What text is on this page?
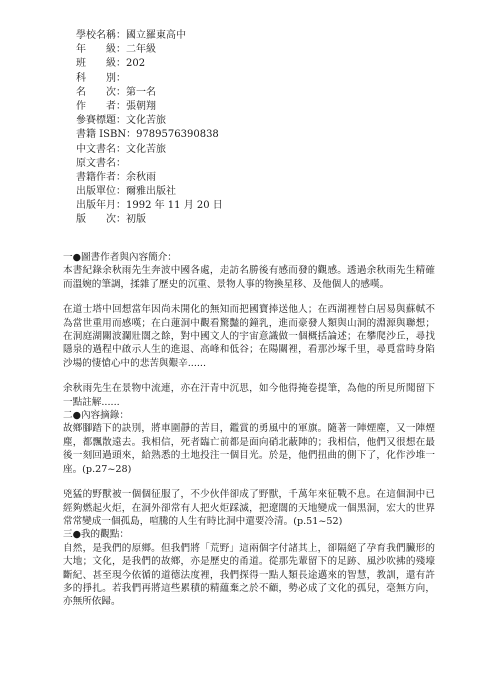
學校名稱： 國立羅東高中
年　　級： 二年級
班　　級： 202
科　　別：
名　　次： 第一名
作　　者： 張朝翔
參賽標題： 文化苦旅
書籍 ISBN： 9789576390838
中文書名： 文化苦旅
原文書名：
書籍作者： 余秋雨
出版單位： 爾雅出版社
出版年月： 1992 年 11 月 20 日
版　　次： 初版

一●圖書作者與內容簡介：

本書紀錄余秋雨先生奔波中國各處，走訪名勝後有感而發的觀感。透過余秋雨先生精確而溫婉的筆調，揉雜了歷史的沉重、景物人事的物換星移、及他個人的感嘆。

在道士塔中回想當年因尚未開化的無知而把國寶捧送他人；在西湖裡替白居易與蘇軾不為當世重用而感嘆；在白蓮洞中觀看驚豔的鐘乳，進而豪發人類與山洞的淵源與聯想；在洞庭湖關波瀾壯闊之餘，對中國文人的宇宙意識做一個概括論述；在攀爬沙丘，尋找隱泉的過程中啟示人生的進退、高峰和低谷；在陽關裡，看那沙塚千里，尋覓當時身陷沙場的悽愴心中的悲苦與艱辛......

余秋雨先生在景物中流連，亦在汗青中沉思，如今他得掩卷提筆，為他的所見所聞留下一點註解......

二●內容摘錄：

故鄉腳踏下的訣別，將車圍靜的苦目，鑑賞的勇風中的軍旗。隨著一陣煙塵，又一陣煙塵，都飄散遠去。我相信，死者臨亡前都是面向硝北蔽陣的；我相信，他們又很想在最後一刻回過頭來，給熟悉的土地投注一個目光。於是，他們扭曲的側下了，化作沙堆一座。(p.27~28)

兇猛的野獸被一個個征服了，不少伙伴卻成了野獸，千萬年來征戰不息。在這個洞中已經夠燃起火炬，在洞外卻常有人把火炬踩滅，把遼闊的天地變成一個黑洞，宏大的世界常常變成一個孤島，喧騰的人生有時比洞中還要冷清。(p.51~52)

三●我的觀點：

自然，是我們的原鄉。但我們將「荒野」這兩個字付諸其上，卻隔絕了孕育我們臟形的大地；文化，是我們的故鄉，亦是歷史的甬道。從那先輩留下的足跡、風沙吹拂的殘壕斷紀、甚至現今依循的道德法度裡，我們探得一點人類長途邁來的智慧，教訓，還有許多的掙扎。若我們再將這些累積的精蘊棄之於不顧，勢必成了文化的孤兒，毫無方向，亦無所依歸。
